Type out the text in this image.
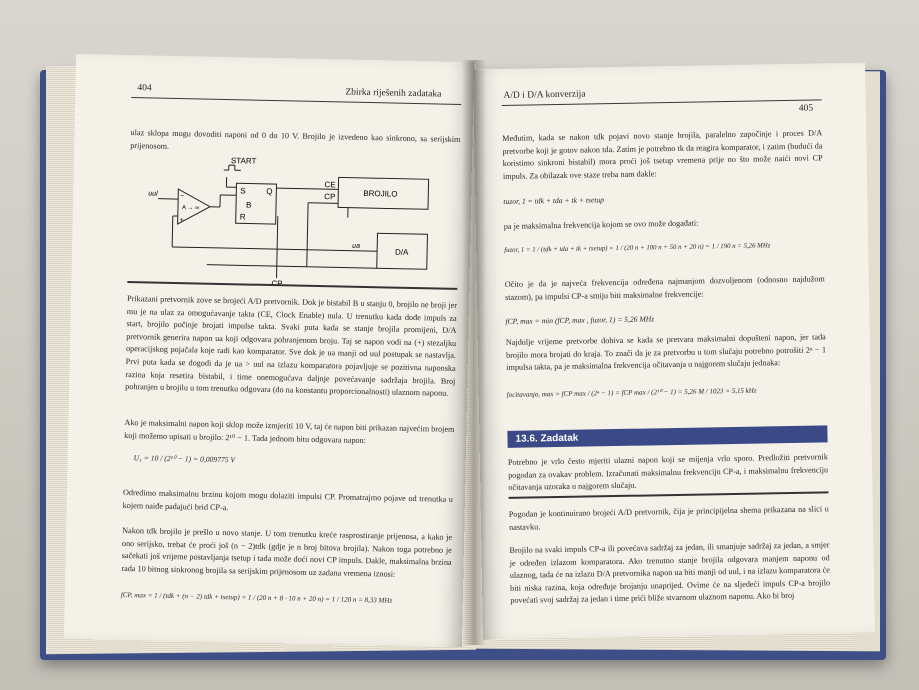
404	Zbirka riješenih zadataka
ulaz sklopa mogu dovoditi naponi od 0 do 10 V. Brojilo je izvedeno kao sinkrono, sa serijskim prijenosom.
START
S	Q
B
R
CE
CP	BROJILO
D/A
uul
ua
A → ∞
−
+
Prikazani pretvornik zove se brojeći A/D pretvornik. Dok je bistabil B u stanju 0, brojilo ne broji jer mu je na ulaz za omogućavanje takta (CE, Clock Enable) nula. U trenutku kada dođe impuls za start, brojilo počinje brojati impulse takta. Svaki puta kada se stanje brojila promijeni, D/A pretvornik generira napon ua koji odgovara pohranjenom broju. Taj se napon vodi na (+) stezaljku operacijskog pojačala koje radi kao komparator. Sve dok je ua manji od uul postupak se nastavlja. Prvi puta kada se dogodi da je ua > uul na izlazu komparatora pojavljuje se pozitivna naponska razina koja resetira bistabil, i time onemogućava daljnje povećavanje sadržaja brojila. Broj pohranjen u brojilu u tom trenutku odgovara (do na konstantu proporcionalnosti) ulaznom naponu.
Ako je maksimalni napon koji sklop može izmjeriti 10 V, taj će napon biti prikazan najvećim brojem koji možemo upisati u brojilo: 2¹⁰ − 1. Tada jednom bitu odgovara napon:
U₁ = 10 / (2¹⁰ − 1) = 0,009775 V
Odredimo maksimalnu brzinu kojom mogu dolaziti impulsi CP. Promatrajmo pojave od trenutka u kojem naiđe padajući brid CP-a.
Nakon tdk brojilo je prešlo u novo stanje. U tom trenutku kreće rasprostiranje prijenosa, a kako je ono serijsko, trebat će proći još (n − 2)tdk (gdje je n broj bitova brojila). Nakon toga potrebno je sačekati još vrijeme postavljanja tsetup i tada može doći novi CP impuls. Dakle, maksimalna brzina rada 10 bitnog sinkronog brojila sa serijskim prijenosom uz zadana vremena iznosi:
fCP, max = 1 / (tdk + (n − 2) tdk + tsetup) = 1 / (20 n + 8 · 10 n + 20 n) = 1 / 120 n = 8,33 MHz
A/D i D/A konverzija
405
Međutim, kada se nakon tdk pojavi novo stanje brojila, paralelno započinje i proces D/A pretvorbe koji je gotov nakon tda. Zatim je potrebno tk da reagira komparator, i zatim (budući da koristimo sinkroni bistabil) mora proći još tsetup vremena prije no što može naići novi CP impuls. Za obilazak ove staze treba nam dakle:
tuzor, 1 = tdk + tda + tk + tsetup
pa je maksimalna frekvencija kojom se ovo može događati:
fuzor, 1 = 1 / (tdk + tda + tk + tsetup) = 1 / (20 n + 100 n + 50 n + 20 n) = 1 / 190 n = 5,26 MHz
Očito je da je najveća frekvencija određena najmanjom dozvoljenom (odnosno najdužom stazom), pa impulsi CP-a smiju biti maksimalne frekvencije:
fCP, max = min (fCP, max , fuzor, 1) = 5,26 MHz
Najdulje vrijeme pretvorbe dobiva se kada se pretvara maksimalni dopušteni napon, jer tada brojilo mora brojati do kraja. To znači da je za pretvorbu u tom slučaju potrebno potrošiti 2ⁿ − 1 impulsa takta, pa je maksimalna frekvencija očitavanja u najgorem slučaju jednaka:
focitavanja, max = fCP max / (2ⁿ − 1) = fCP max / (2¹⁰ − 1) = 5,26 M / 1023 = 5,15 kHz
13.6. Zadatak
Potrebno je vrlo često mjeriti ulazni napon koji se mijenja vrlo sporo. Predložiti pretvornik pogodan za ovakav problem. Izračunati maksimalnu frekvenciju CP-a, i maksimalnu frekvenciju očitavanja uzoraka u najgorem slučaju.
Pogodan je kontinuirano brojeći A/D pretvornik, čija je principijelna shema prikazana na slici u nastavku.
Brojilo na svaki impuls CP-a ili povećava sadržaj za jedan, ili smanjuje sadržaj za jedan, a smjer je određen izlazom komparatora. Ako trenutno stanje brojila odgovara manjem naponu od ulaznog, tada će na izlazu D/A pretvornika napon ua biti manji od uul, i na izlazu komparatora će biti niska razina, koja određuje brojanju unaprijed. Ovime će na sljedeći impuls CP-a brojilo povećati svoj sadržaj za jedan i time prići bliže stvarnom ulaznom naponu. Ako bi broj
